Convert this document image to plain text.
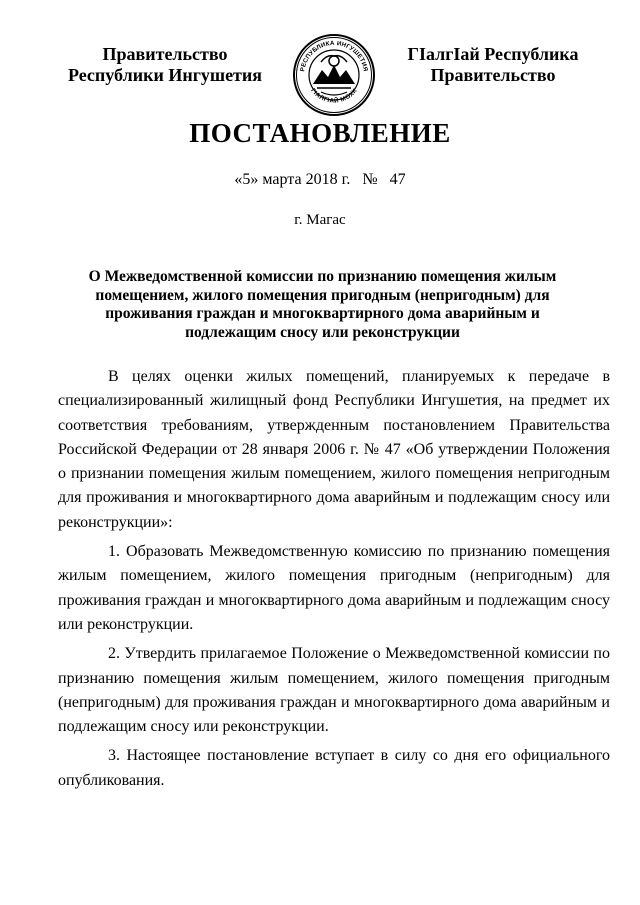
Правительство
Республики Ингушетия	РЕСПУБЛИКА ИНГУШЕТИЯ
ГIАЛГIАЙ МОХК
ГIалгIай Республика
Правительство
ПОСТАНОВЛЕНИЕ
«5» марта 2018 г. № 47
г. Магас
О Межведомственной комиссии по признанию помещения жилым помещением, жилого помещения пригодным (непригодным) для проживания граждан и многоквартирного дома аварийным и подлежащим сносу или реконструкции

В целях оценки жилых помещений, планируемых к передаче в специализированный жилищный фонд Республики Ингушетия, на предмет их соответствия требованиям, утвержденным постановлением Правительства Российской Федерации от 28 января 2006 г. № 47 «Об утверждении Положения о признании помещения жилым помещением, жилого помещения непригодным для проживания и многоквартирного дома аварийным и подлежащим сносу или реконструкции»:

1. Образовать Межведомственную комиссию по признанию помещения жилым помещением, жилого помещения пригодным (непригодным) для проживания граждан и многоквартирного дома аварийным и подлежащим сносу или реконструкции.

2. Утвердить прилагаемое Положение о Межведомственной комиссии по признанию помещения жилым помещением, жилого помещения пригодным (непригодным) для проживания граждан и многоквартирного дома аварийным и подлежащим сносу или реконструкции.

3. Настоящее постановление вступает в силу со дня его официального опубликования.
